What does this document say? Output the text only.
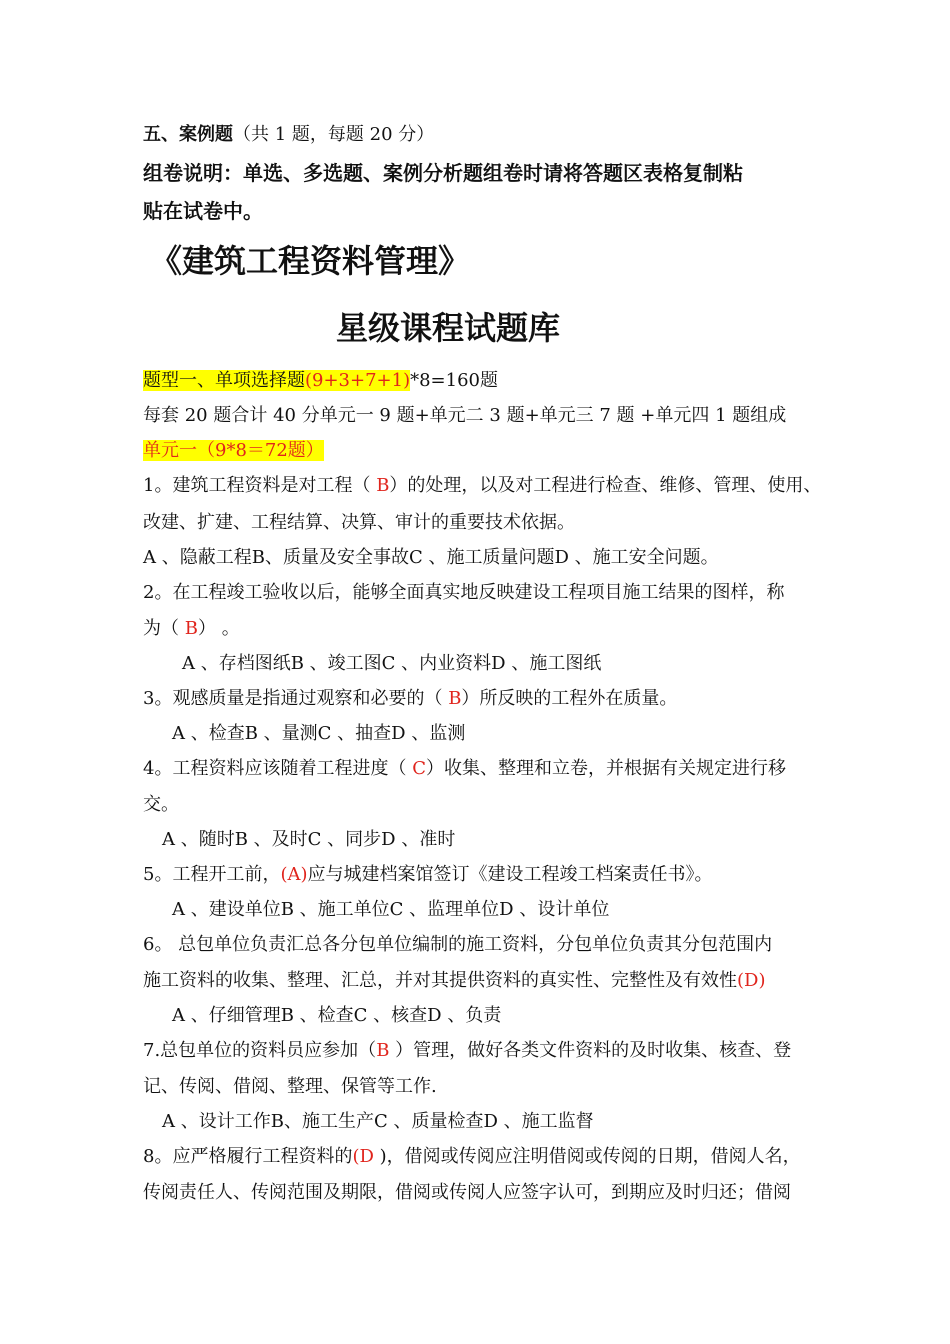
五、案例题（共 1 题，每题 20 分）
组卷说明：单选、多选题、案例分析题组卷时请将答题区表格复制粘
贴在试卷中。
《建筑工程资料管理》
星级课程试题库
题型一、单项选择题(9+3+7+1)*8=160题
每套 20 题合计 40 分单元一 9 题+单元二 3 题+单元三 7 题 +单元四 1 题组成
单元一（9*8＝72题）
1。建筑工程资料是对工程（ B）的处理，以及对工程进行检查、维修、管理、使用、
改建、扩建、工程结算、决算、审计的重要技术依据。
A 、隐蔽工程B、质量及安全事故C 、施工质量问题D 、施工安全问题。
2。在工程竣工验收以后，能够全面真实地反映建设工程项目施工结果的图样，称
为（ B） 。
A 、存档图纸B 、竣工图C 、内业资料D 、施工图纸
3。观感质量是指通过观察和必要的（ B）所反映的工程外在质量。
A 、检查B 、量测C 、抽查D 、监测
4。工程资料应该随着工程进度（ C）收集、整理和立卷，并根据有关规定进行移
交。
A 、随时B 、及时C 、同步D 、准时
5。工程开工前，(A)应与城建档案馆签订《建设工程竣工档案责任书》。
A 、建设单位B 、施工单位C 、监理单位D 、设计单位
6。 总包单位负责汇总各分包单位编制的施工资料，分包单位负责其分包范围内
施工资料的收集、整理、汇总，并对其提供资料的真实性、完整性及有效性(D)
A 、仔细管理B 、检查C 、核查D 、负责
7.总包单位的资料员应参加（B ）管理，做好各类文件资料的及时收集、核查、登
记、传阅、借阅、整理、保管等工作.
A 、设计工作B、施工生产C 、质量检查D 、施工监督
8。应严格履行工程资料的(D )，借阅或传阅应注明借阅或传阅的日期，借阅人名，
传阅责任人、传阅范围及期限，借阅或传阅人应签字认可，到期应及时归还；借阅
